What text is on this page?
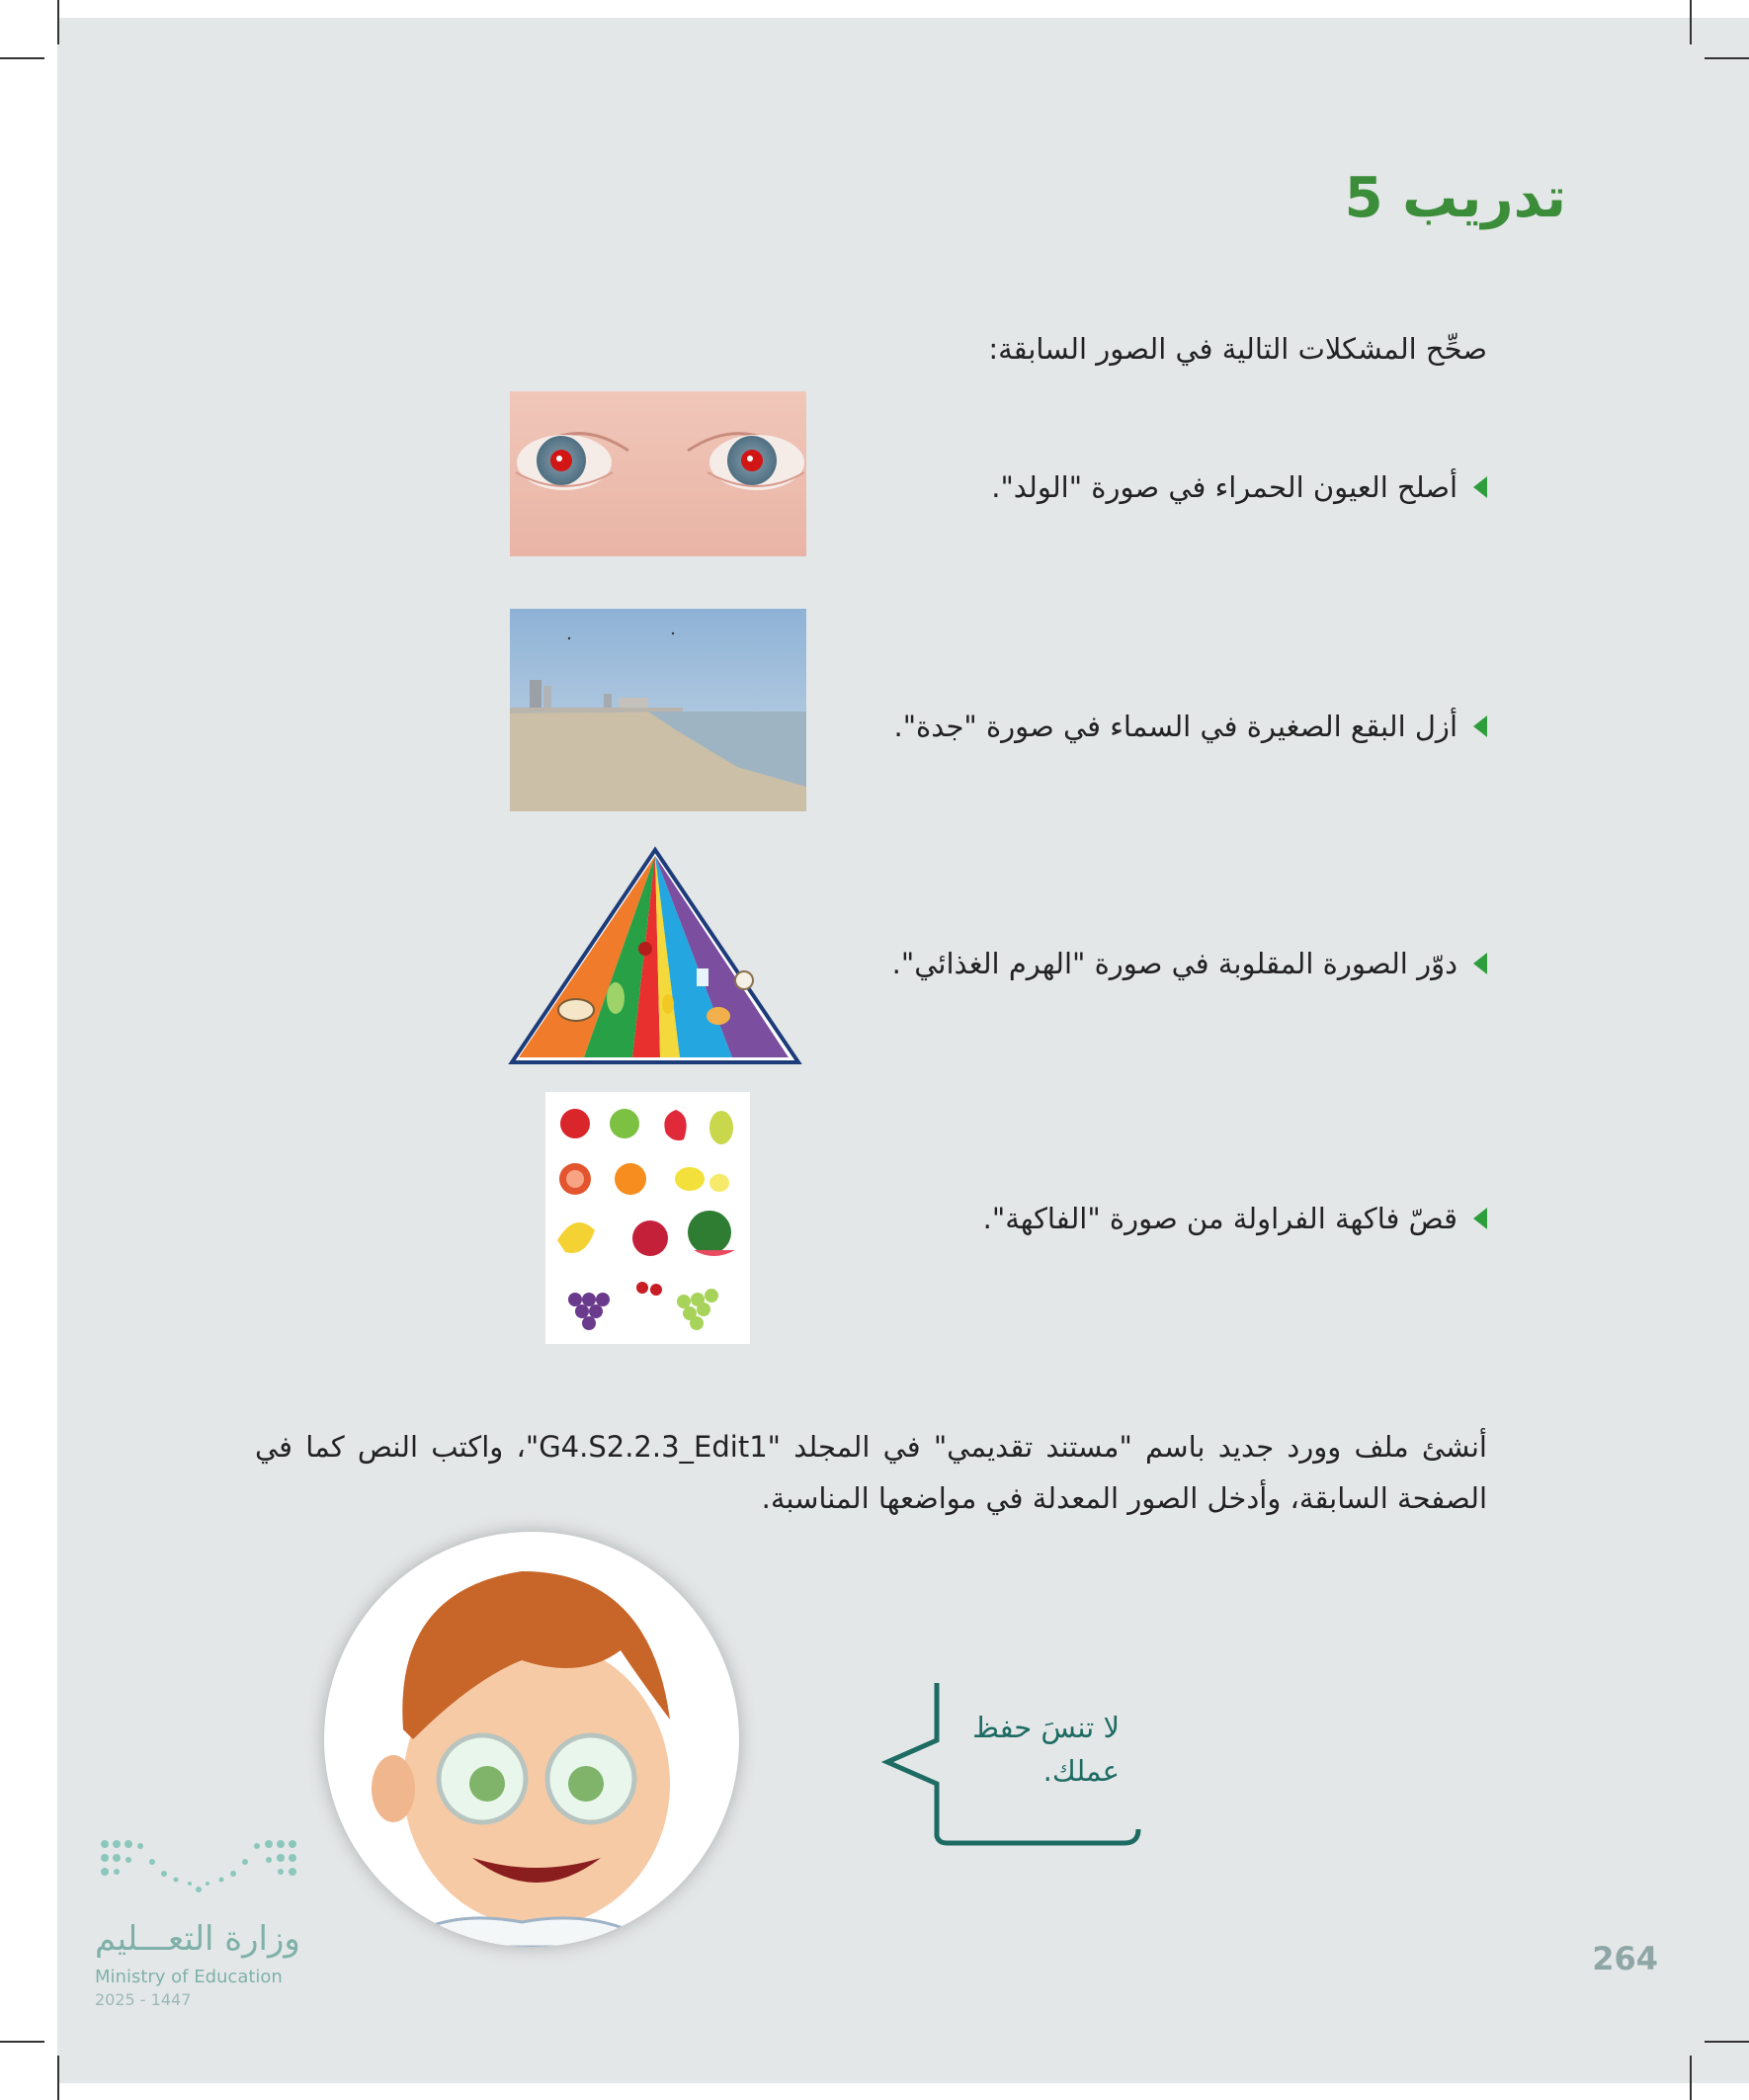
تدريب 5
صحِّح المشكلات التالية في الصور السابقة:
أصلح العيون الحمراء في صورة "الولد".
أزل البقع الصغيرة في السماء في صورة "جدة".
دوّر الصورة المقلوبة في صورة "الهرم الغذائي".
قصّ فاكهة الفراولة من صورة "الفاكهة".
أنشئ ملف وورد جديد باسم "مستند تقديمي" في المجلد "G4.S2.2.3_Edit1"، واكتب النص كما في الصفحة السابقة، وأدخل الصور المعدلة في مواضعها المناسبة.
لا تنسَ حفظ
عملك.
وزارة التعـــليم
Ministry of Education
2025 - 1447
264
